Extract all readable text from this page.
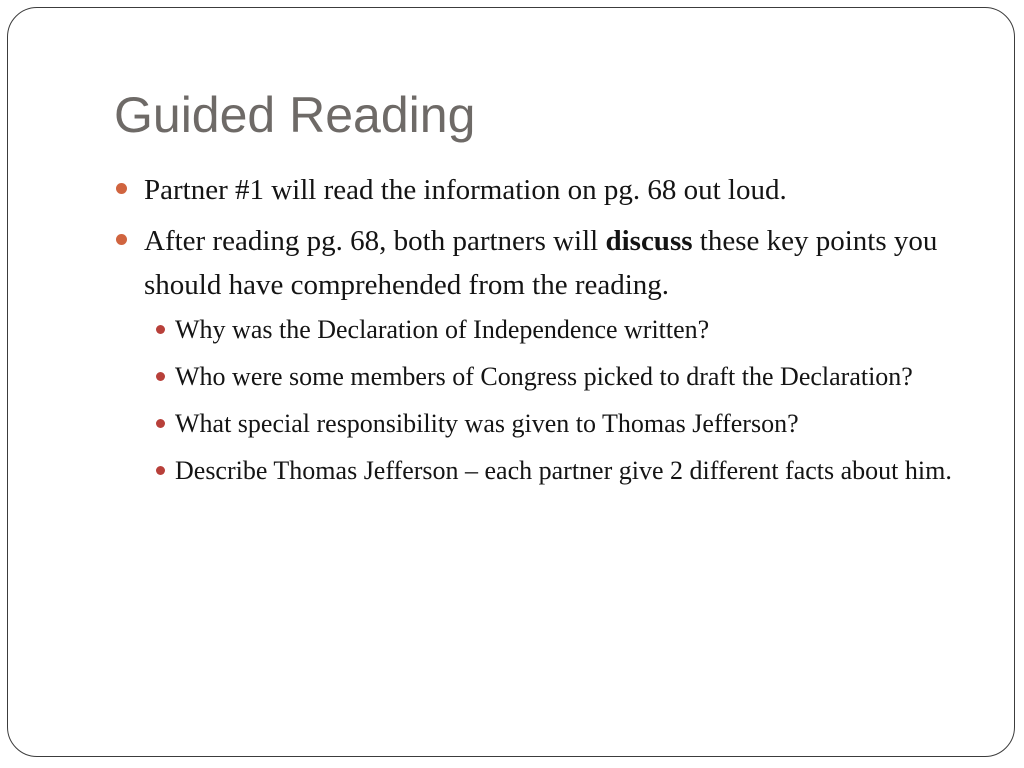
Guided Reading
Partner #1 will read the information on pg. 68 out loud.
After reading pg. 68, both partners will discuss these key points you should have comprehended from the reading.
Why was the Declaration of Independence written?
Who were some members of Congress picked to draft the Declaration?
What special responsibility was given to Thomas Jefferson?
Describe Thomas Jefferson – each partner give 2 different facts about him.
